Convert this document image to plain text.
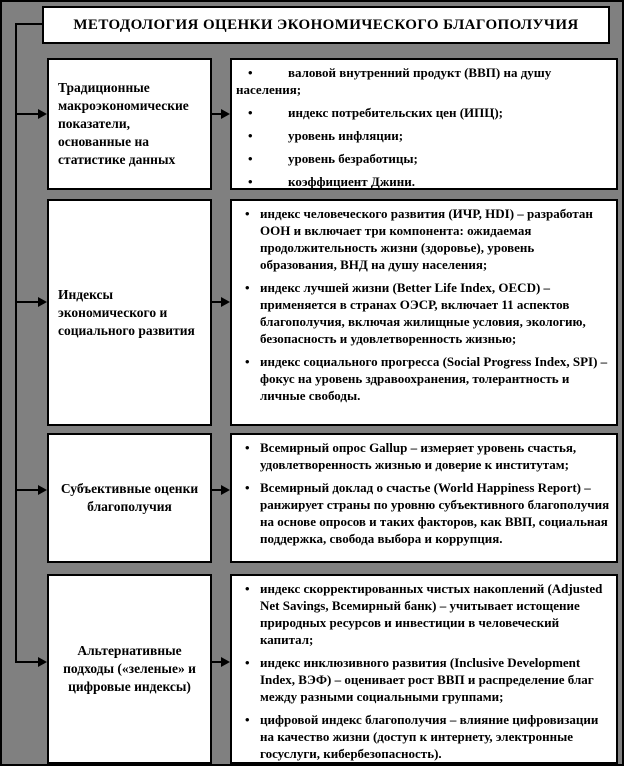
МЕТОДОЛОГИЯ ОЦЕНКИ ЭКОНОМИЧЕСКОГО БЛАГОПОЛУЧИЯ
Традиционные макроэкономические показатели, основанные на статистике данных
• валовой внутренний продукт (ВВП) на душу населения;
• индекс потребительских цен (ИПЦ);
• уровень инфляции;
• уровень безработицы;
• коэффициент Джини.
Индексы экономического и социального развития
• индекс человеческого развития (ИЧР, HDI) – разработан ООН и включает три компонента: ожидаемая продолжительность жизни (здоровье), уровень образования, ВНД на душу населения;
• индекс лучшей жизни (Better Life Index, OECD) – применяется в странах ОЭСР, включает 11 аспектов благополучия, включая жилищные условия, экологию, безопасность и удовлетворенность жизнью;
• индекс социального прогресса (Social Progress Index, SPI) – фокус на уровень здравоохранения, толерантность и личные свободы.
Субъективные оценки благополучия
• Всемирный опрос Gallup – измеряет уровень счастья, удовлетворенность жизнью и доверие к институтам;
• Всемирный доклад о счастье (World Happiness Report) – ранжирует страны по уровню субъективного благополучия на основе опросов и таких факторов, как ВВП, социальная поддержка, свобода выбора и коррупция.
Альтернативные подходы («зеленые» и цифровые индексы)
• индекс скорректированных чистых накоплений (Adjusted Net Savings, Всемирный банк) – учитывает истощение природных ресурсов и инвестиции в человеческий капитал;
• индекс инклюзивного развития (Inclusive Development Index, ВЭФ) – оценивает рост ВВП и распределение благ между разными социальными группами;
• цифровой индекс благополучия – влияние цифровизации на качество жизни (доступ к интернету, электронные госуслуги, кибербезопасность).
